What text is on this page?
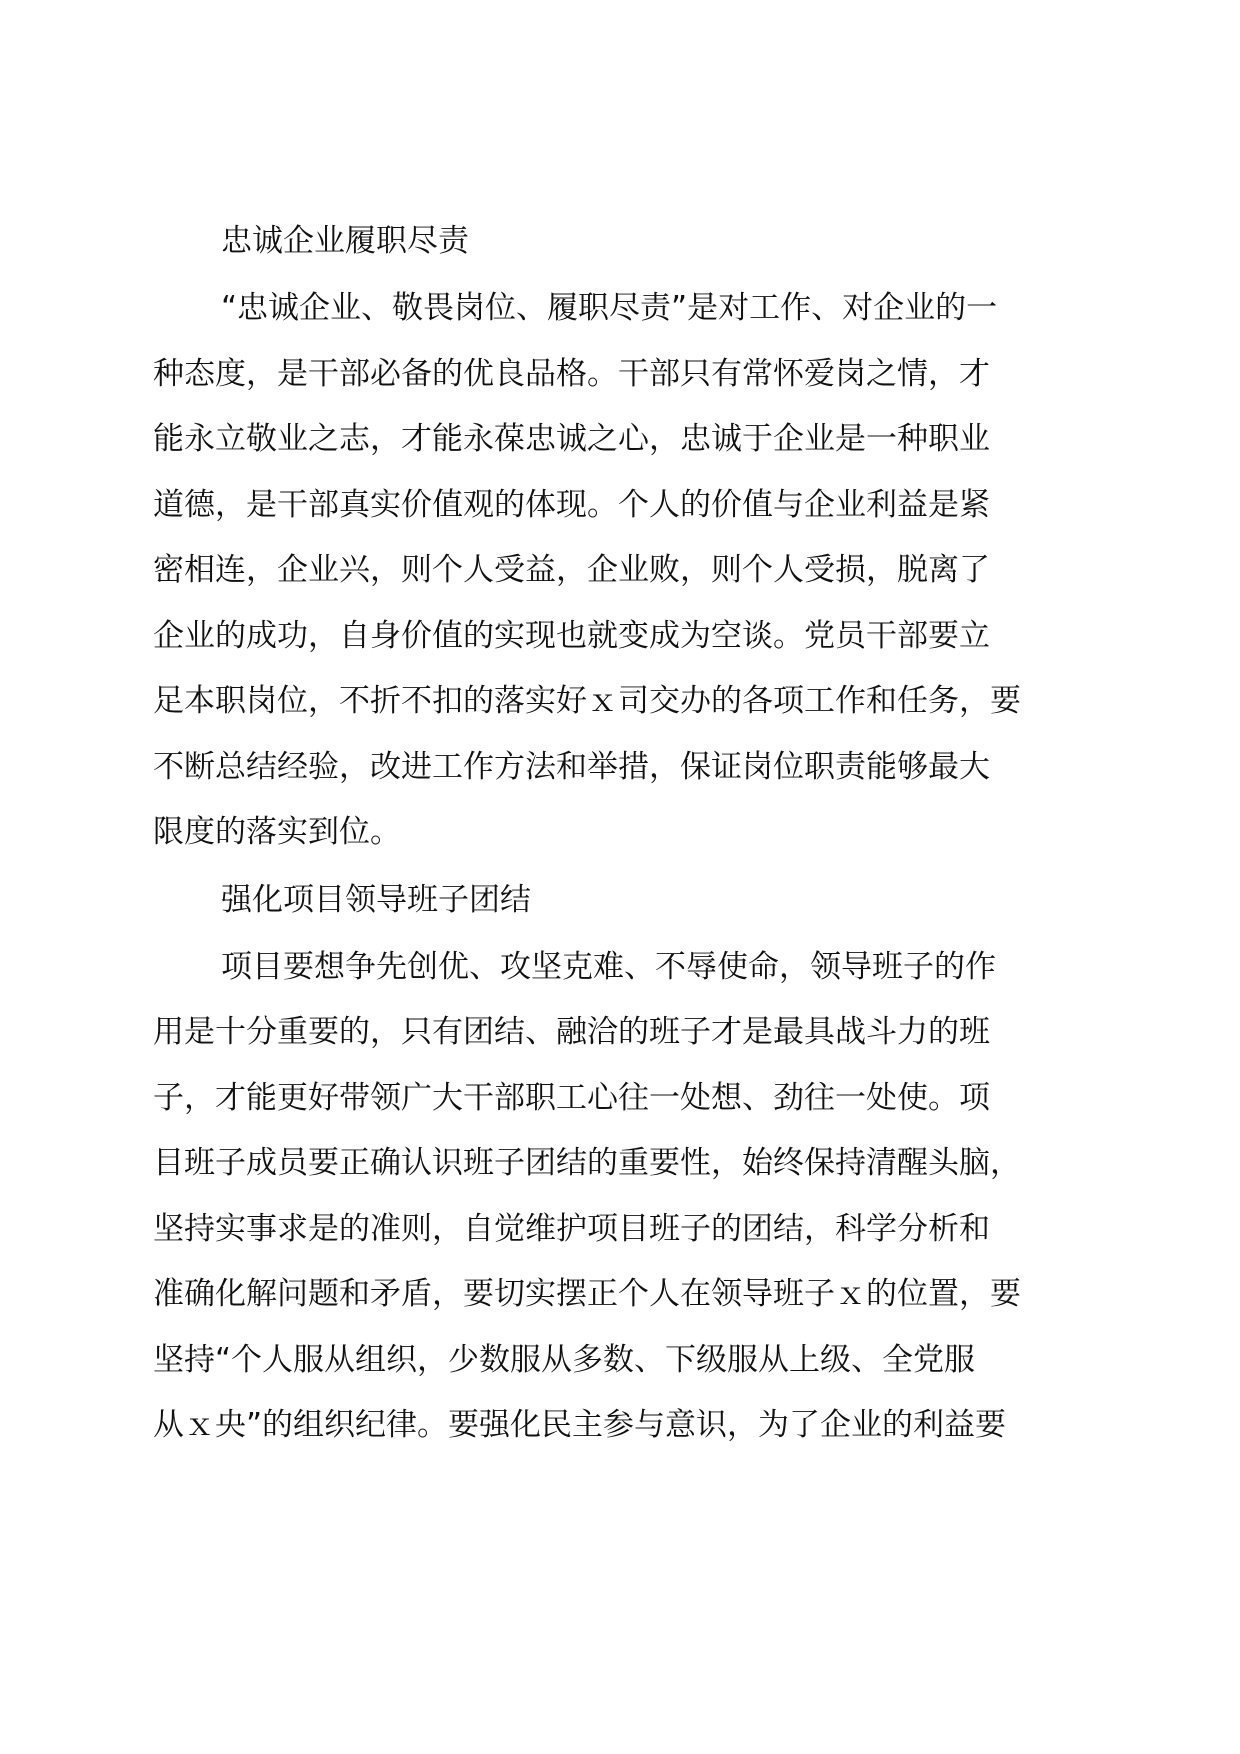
忠诚企业履职尽责

“忠诚企业、敬畏岗位、履职尽责”是对工作、对企业的一
种态度，是干部必备的优良品格。干部只有常怀爱岗之情，才
能永立敬业之志，才能永葆忠诚之心，忠诚于企业是一种职业
道德，是干部真实价值观的体现。个人的价值与企业利益是紧
密相连，企业兴，则个人受益，企业败，则个人受损，脱离了
企业的成功，自身价值的实现也就变成为空谈。党员干部要立
足本职岗位，不折不扣的落实好ｘ司交办的各项工作和任务，要
不断总结经验，改进工作方法和举措，保证岗位职责能够最大
限度的落实到位。

强化项目领导班子团结

项目要想争先创优、攻坚克难、不辱使命，领导班子的作
用是十分重要的，只有团结、融洽的班子才是最具战斗力的班
子，才能更好带领广大干部职工心往一处想、劲往一处使。项
目班子成员要正确认识班子团结的重要性，始终保持清醒头脑，
坚持实事求是的准则，自觉维护项目班子的团结，科学分析和
准确化解问题和矛盾，要切实摆正个人在领导班子ｘ的位置，要
坚持“个人服从组织，少数服从多数、下级服从上级、全党服
从ｘ央”的组织纪律。要强化民主参与意识，为了企业的利益要
